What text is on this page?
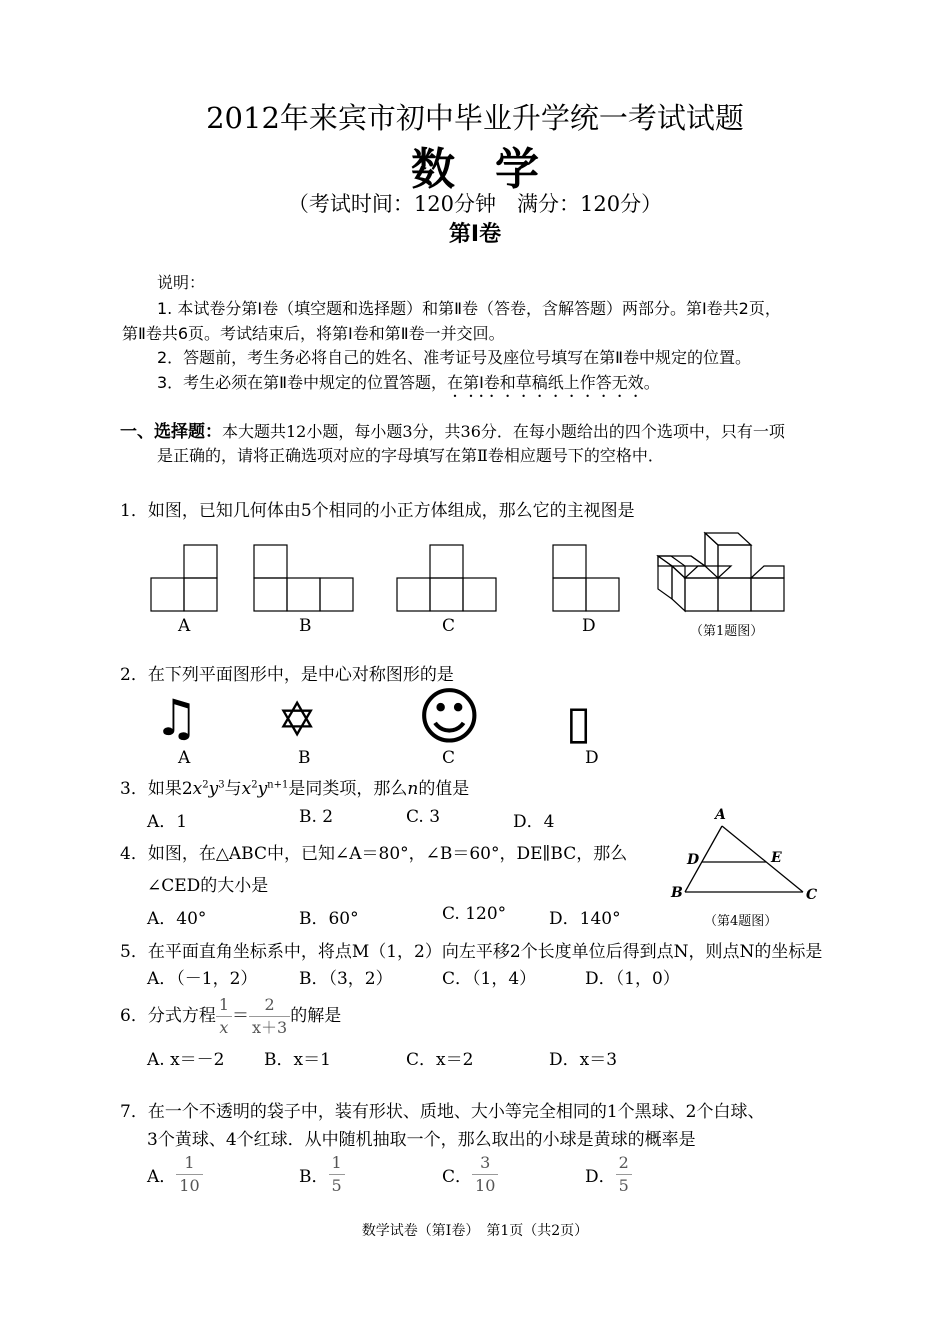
2012年来宾市初中毕业升学统一考试试题
数学
（考试时间：120分钟　满分：120分）
第Ⅰ卷
说明：
1. 本试卷分第Ⅰ卷（填空题和选择题）和第Ⅱ卷（答卷，含解答题）两部分。第Ⅰ卷共2页，
第Ⅱ卷共6页。考试结束后，将第Ⅰ卷和第Ⅱ卷一并交回。
2．答题前，考生务必将自己的姓名、准考证号及座位号填写在第Ⅱ卷中规定的位置。
3．考生必须在第Ⅱ卷中规定的位置答题，在第Ⅰ卷和草稿纸上作答无效。
一、选择题：本大题共12小题，每小题3分，共36分．在每小题给出的四个选项中，只有一项
是正确的，请将正确选项对应的字母填写在第Ⅱ卷相应题号下的空格中．
1．如图，已知几何体由5个相同的小正方体组成，那么它的主视图是
A	B	C	D	（第1题图）
2．在下列平面图形中，是中心对称图形的是
♫ ✡ ☺ ▯
A	B	C	D
3．如果$2x^2y^3$与$x^2y^{n+1}$是同类项，那么n的值是
A．1	B. 2	C. 3	D．4
4．如图，在△ABC中，已知∠A＝80°，∠B＝60°，DE∥BC，那么
∠CED的大小是
A．40°	B．60°	C. 120°	D．140°
A
D	E
B	C
（第4题图）
5．在平面直角坐标系中，将点M（1，2）向左平移2个长度单位后得到点N，则点N的坐标是
A．（－1，2） B．（3，2）	C．（1，4）	D．（1，0）
6．分式方程 $\frac{1}{x} = \frac{2}{x+3}$ 的解是
A. x＝－2 B．x＝1	C．x＝2	D．x＝3
7．在一个不透明的袋子中，装有形状、质地、大小等完全相同的1个黑球、2个白球、
3个黄球、4个红球．从中随机抽取一个，那么取出的小球是黄球的概率是
A． $\frac{1}{10}$	B． $\frac{1}{5}$	C． $\frac{3}{10}$	D． $\frac{2}{5}$
数学试卷（第Ⅰ卷）　第1页（共2页）
